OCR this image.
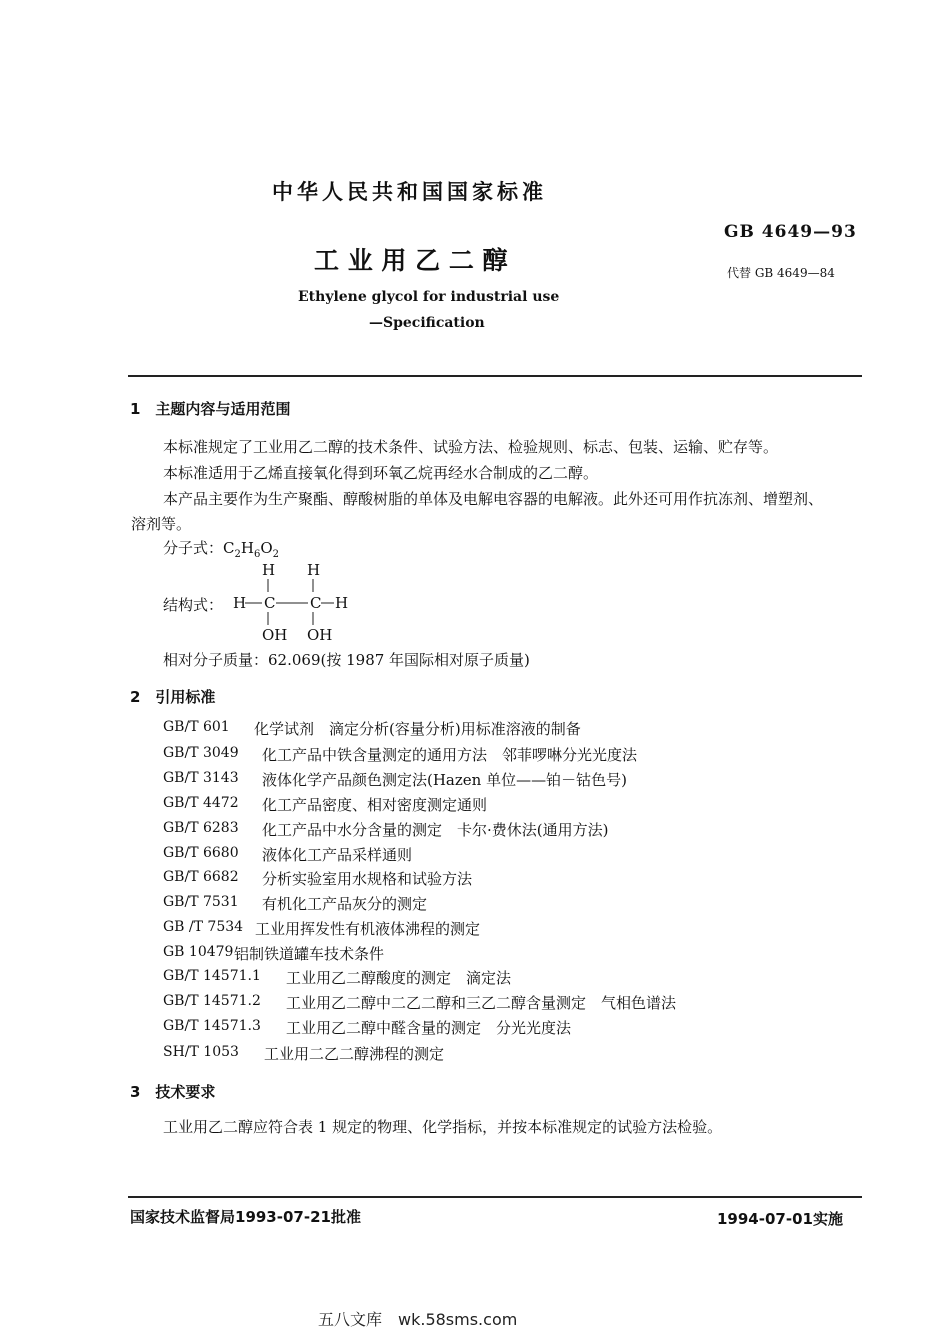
中华人民共和国国家标准
GB 4649—93
工 业 用 乙 二 醇	代替 GB 4649—84
Ethylene glycol for industrial use
—Specification
1　主题内容与适用范围
本标准规定了工业用乙二醇的技术条件、试验方法、检验规则、标志、包装、运输、贮存等。
本标准适用于乙烯直接氧化得到环氧乙烷再经水合制成的乙二醇。
本产品主要作为生产聚酯、醇酸树脂的单体及电解电容器的电解液。此外还可用作抗冻剂、增塑剂、
溶剂等。
分子式：$C_2H_6O_2$
结构式：
H H
H C C H
OH OH
相对分子质量：62.069(按 1987 年国际相对原子质量)
2　引用标准
GB/T 601 化学试剂　滴定分析(容量分析)用标准溶液的制备
GB/T 3049 化工产品中铁含量测定的通用方法　邻菲啰啉分光光度法
GB/T 3143 液体化学产品颜色测定法(Hazen 单位——铂－钴色号)
GB/T 4472 化工产品密度、相对密度测定通则
GB/T 6283 化工产品中水分含量的测定　卡尔·费休法(通用方法)
GB/T 6680 液体化工产品采样通则
GB/T 6682 分析实验室用水规格和试验方法
GB/T 7531 有机化工产品灰分的测定
GB /T 7534 工业用挥发性有机液体沸程的测定
GB 10479 铝制铁道罐车技术条件
GB/T 14571.1 工业用乙二醇酸度的测定　滴定法
GB/T 14571.2 工业用乙二醇中二乙二醇和三乙二醇含量测定　气相色谱法
GB/T 14571.3 工业用乙二醇中醛含量的测定　分光光度法
SH/T 1053 工业用二乙二醇沸程的测定
3　技术要求
工业用乙二醇应符合表 1 规定的物理、化学指标，并按本标准规定的试验方法检验。
国家技术监督局1993-07-21批准	1994-07-01实施
五八文库　wk.58sms.com
